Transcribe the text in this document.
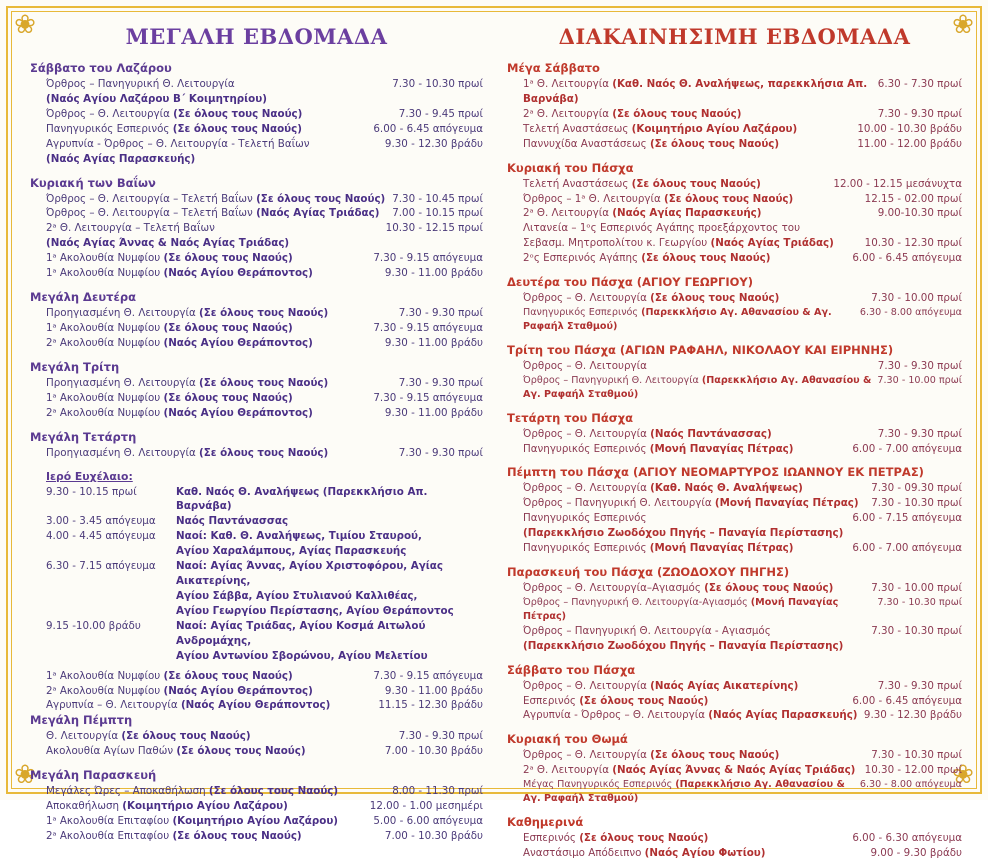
❀	❀
❀	❀
ΜΕΓΑΛΗ ΕΒΔΟΜΑΔΑ
Σάββατο του Λαζάρου
Όρθρος – Πανηγυρική Θ. Λειτουργία	7.30 - 10.30 πρωί
(Ναός Αγίου Λαζάρου Β΄ Κοιμητηρίου)
Όρθρος – Θ. Λειτουργία (Σε όλους τους Ναούς)	7.30 - 9.45 πρωί
Πανηγυρικός Εσπερινός (Σε όλους τους Ναούς)	6.00 - 6.45 απόγευμα
Αγρυπνία - Όρθρος – Θ. Λειτουργία - Τελετή Βαΐων	9.30 - 12.30 βράδυ
(Ναός Αγίας Παρασκευής)
Κυριακή των Βαΐων
Όρθρος – Θ. Λειτουργία – Τελετή Βαΐων (Σε όλους τους Ναούς) 7.30 - 10.45 πρωί
Όρθρος – Θ. Λειτουργία – Τελετή Βαΐων (Ναός Αγίας Τριάδας)	7.00 - 10.15 πρωί
2ᵃ Θ. Λειτουργία – Τελετή Βαΐων	10.30 - 12.15 πρωί
(Ναός Αγίας Άννας & Ναός Αγίας Τριάδας)
1ᵃ Ακολουθία Νυμφίου (Σε όλους τους Ναούς)	7.30 - 9.15 απόγευμα
1ᵃ Ακολουθία Νυμφίου (Ναός Αγίου Θεράποντος)	9.30 - 11.00 βράδυ
Μεγάλη Δευτέρα
Προηγιασμένη Θ. Λειτουργία (Σε όλους τους Ναούς)	7.30 - 9.30 πρωί
1ᵃ Ακολουθία Νυμφίου (Σε όλους τους Ναούς)	7.30 - 9.15 απόγευμα
2ᵃ Ακολουθία Νυμφίου (Ναός Αγίου Θεράποντος)	9.30 - 11.00 βράδυ
Μεγάλη Τρίτη
Προηγιασμένη Θ. Λειτουργία (Σε όλους τους Ναούς)	7.30 - 9.30 πρωί
1ᵃ Ακολουθία Νυμφίου (Σε όλους τους Ναούς)	7.30 - 9.15 απόγευμα
2ᵃ Ακολουθία Νυμφίου (Ναός Αγίου Θεράποντος)	9.30 - 11.00 βράδυ
Μεγάλη Τετάρτη
Προηγιασμένη Θ. Λειτουργία (Σε όλους τους Ναούς)	7.30 - 9.30 πρωί
Ιερό Ευχέλαιο:
9.30 - 10.15 πρωί	Καθ. Ναός Θ. Αναλήψεως (Παρεκκλήσιο Απ. Βαρνάβα)
3.00 - 3.45 απόγευμα	Ναός Παντάνασσας
4.00 - 4.45 απόγευμα	Ναοί: Καθ. Θ. Αναλήψεως, Τιμίου Σταυρού,
Αγίου Χαραλάμπους, Αγίας Παρασκευής
6.30 - 7.15 απόγευμα	Ναοί: Αγίας Άννας, Αγίου Χριστοφόρου, Αγίας Αικατερίνης,
Αγίου Σάββα, Αγίου Στυλιανού Καλλιθέας,
Αγίου Γεωργίου Περίστασης, Αγίου Θεράποντος
9.15 -10.00 βράδυ	Ναοί: Αγίας Τριάδας, Αγίου Κοσμά Αιτωλού Ανδρομάχης,
Αγίου Αντωνίου Σβορώνου, Αγίου Μελετίου
1ᵃ Ακολουθία Νυμφίου (Σε όλους τους Ναούς)	7.30 - 9.15 απόγευμα
2ᵃ Ακολουθία Νυμφίου (Ναός Αγίου Θεράποντος)	9.30 - 11.00 βράδυ
Αγρυπνία – Θ. Λειτουργία (Ναός Αγίου Θεράποντος)	11.15 - 12.30 βράδυ
Μεγάλη Πέμπτη
Θ. Λειτουργία (Σε όλους τους Ναούς)	7.30 - 9.30 πρωί
Ακολουθία Αγίων Παθών (Σε όλους τους Ναούς)	7.00 - 10.30 βράδυ
Μεγάλη Παρασκευή
Μεγάλες Ώρες – Αποκαθήλωση (Σε όλους τους Ναούς)	8.00 - 11.30 πρωί
Αποκαθήλωση (Κοιμητήριο Αγίου Λαζάρου)	12.00 - 1.00 μεσημέρι
1ᵃ Ακολουθία Επιταφίου (Κοιμητήριο Αγίου Λαζάρου)	5.00 - 6.00 απόγευμα
2ᵃ Ακολουθία Επιταφίου (Σε όλους τους Ναούς)	7.00 - 10.30 βράδυ
ΔΙΑΚΑΙΝΗΣΙΜΗ ΕΒΔΟΜΑΔΑ
Μέγα Σάββατο
1ᵃ Θ. Λειτουργία (Καθ. Ναός Θ. Αναλήψεως, παρεκκλήσια Απ. Βαρνάβα)
6.30 - 7.30 πρωί
2ᵃ Θ. Λειτουργία (Σε όλους τους Ναούς)	7.30 - 9.30 πρωί
Τελετή Αναστάσεως (Κοιμητήριο Αγίου Λαζάρου)	10.00 - 10.30 βράδυ
Παννυχίδα Αναστάσεως (Σε όλους τους Ναούς)	11.00 - 12.00 βράδυ
Κυριακή του Πάσχα
Τελετή Αναστάσεως (Σε όλους τους Ναούς)	12.00 - 12.15 μεσάνυχτα
Όρθρος – 1ᵃ Θ. Λειτουργία (Σε όλους τους Ναούς)	12.15 - 02.00 πρωί
2ᵃ Θ. Λειτουργία (Ναός Αγίας Παρασκευής)	9.00-10.30 πρωί
Λιτανεία – 1ᵒς Εσπερινός Αγάπης προεξάρχοντος του
Σεβασμ. Μητροπολίτου κ. Γεωργίου (Ναός Αγίας Τριάδας)	10.30 - 12.30 πρωί
2ᵒς Εσπερινός Αγάπης (Σε όλους τους Ναούς)	6.00 - 6.45 απόγευμα
Δευτέρα του Πάσχα (ΑΓΙΟΥ ΓΕΩΡΓΙΟΥ)
Όρθρος – Θ. Λειτουργία (Σε όλους τους Ναούς)	7.30 - 10.00 πρωί
Πανηγυρικός Εσπερινός (Παρεκκλήσιο Αγ. Αθανασίου & Αγ. Ραφαήλ Σταθμού)
6.30 - 8.00 απόγευμα
Τρίτη του Πάσχα (ΑΓΙΩΝ ΡΑΦΑΗΛ, ΝΙΚΟΛΑΟΥ ΚΑΙ ΕΙΡΗΝΗΣ)
Όρθρος – Θ. Λειτουργία	7.30 - 9.30 πρωί
Όρθρος – Πανηγυρική Θ. Λειτουργία (Παρεκκλήσιο Αγ. Αθανασίου & Αγ. Ραφαήλ Σταθμού)
7.30 - 10.00 πρωί
Τετάρτη του Πάσχα
Όρθρος – Θ. Λειτουργία (Ναός Παντάνασσας)	7.30 - 9.30 πρωί
Πανηγυρικός Εσπερινός (Μονή Παναγίας Πέτρας)	6.00 - 7.00 απόγευμα
Πέμπτη του Πάσχα (ΑΓΙΟΥ ΝΕΟΜΑΡΤΥΡΟΣ ΙΩΑΝΝΟΥ ΕΚ ΠΕΤΡΑΣ)
Όρθρος – Θ. Λειτουργία (Καθ. Ναός Θ. Αναλήψεως)	7.30 - 09.30 πρωί
Όρθρος – Πανηγυρική Θ. Λειτουργία (Μονή Παναγίας Πέτρας)	7.30 - 10.30 πρωί
Πανηγυρικός Εσπερινός	6.00 - 7.15 απόγευμα
(Παρεκκλήσιο Ζωοδόχου Πηγής – Παναγία Περίστασης)
Πανηγυρικός Εσπερινός (Μονή Παναγίας Πέτρας)	6.00 - 7.00 απόγευμα
Παρασκευή του Πάσχα (ΖΩΟΔΟΧΟΥ ΠΗΓΗΣ)
Όρθρος – Θ. Λειτουργία–Αγιασμός (Σε όλους τους Ναούς)	7.30 - 10.00 πρωί
Όρθρος – Πανηγυρική Θ. Λειτουργία-Αγιασμός (Μονή Παναγίας Πέτρας)
7.30 - 10.30 πρωί
Όρθρος – Πανηγυρική Θ. Λειτουργία - Αγιασμός	7.30 - 10.30 πρωί
(Παρεκκλήσιο Ζωοδόχου Πηγής – Παναγία Περίστασης)
Σάββατο του Πάσχα
Όρθρος – Θ. Λειτουργία (Ναός Αγίας Αικατερίνης)	7.30 - 9.30 πρωί
Εσπερινός (Σε όλους τους Ναούς)	6.00 - 6.45 απόγευμα
Αγρυπνία - Όρθρος – Θ. Λειτουργία (Ναός Αγίας Παρασκευής) 9.30 - 12.30 βράδυ
Κυριακή του Θωμά
Όρθρος – Θ. Λειτουργία (Σε όλους τους Ναούς)	7.30 - 10.30 πρωί
2ᵃ Θ. Λειτουργία (Ναός Αγίας Άννας & Ναός Αγίας Τριάδας) 10.30 - 12.00 πρωί
Μέγας Πανηγυρικός Εσπερινός (Παρεκκλήσιο Αγ. Αθανασίου & Αγ. Ραφαήλ Σταθμού)
6.30 - 8.00 απόγευμα
Καθημερινά
Εσπερινός (Σε όλους τους Ναούς)	6.00 - 6.30 απόγευμα
Αναστάσιμο Απόδειπνο (Ναός Αγίου Φωτίου)	9.00 - 9.30 βράδυ
